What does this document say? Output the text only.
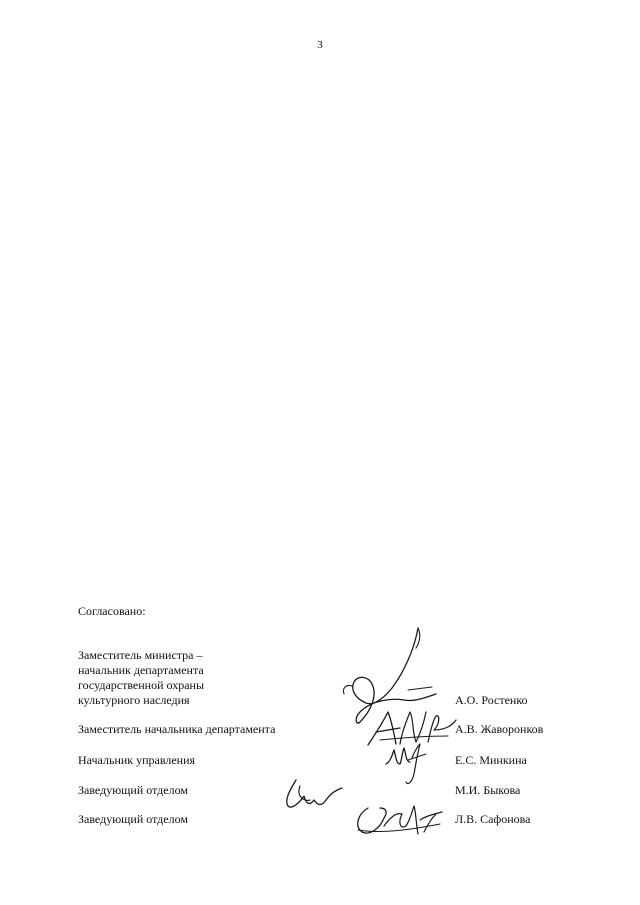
3
Согласовано:
Заместитель министра –
начальник департамента
государственной охраны
культурного наследия	А.О. Ростенко
Заместитель начальника департамента	А.В. Жаворонков
Начальник управления	Е.С. Минкина
Заведующий отделом	М.И. Быкова
Заведующий отделом	Л.В. Сафонова
